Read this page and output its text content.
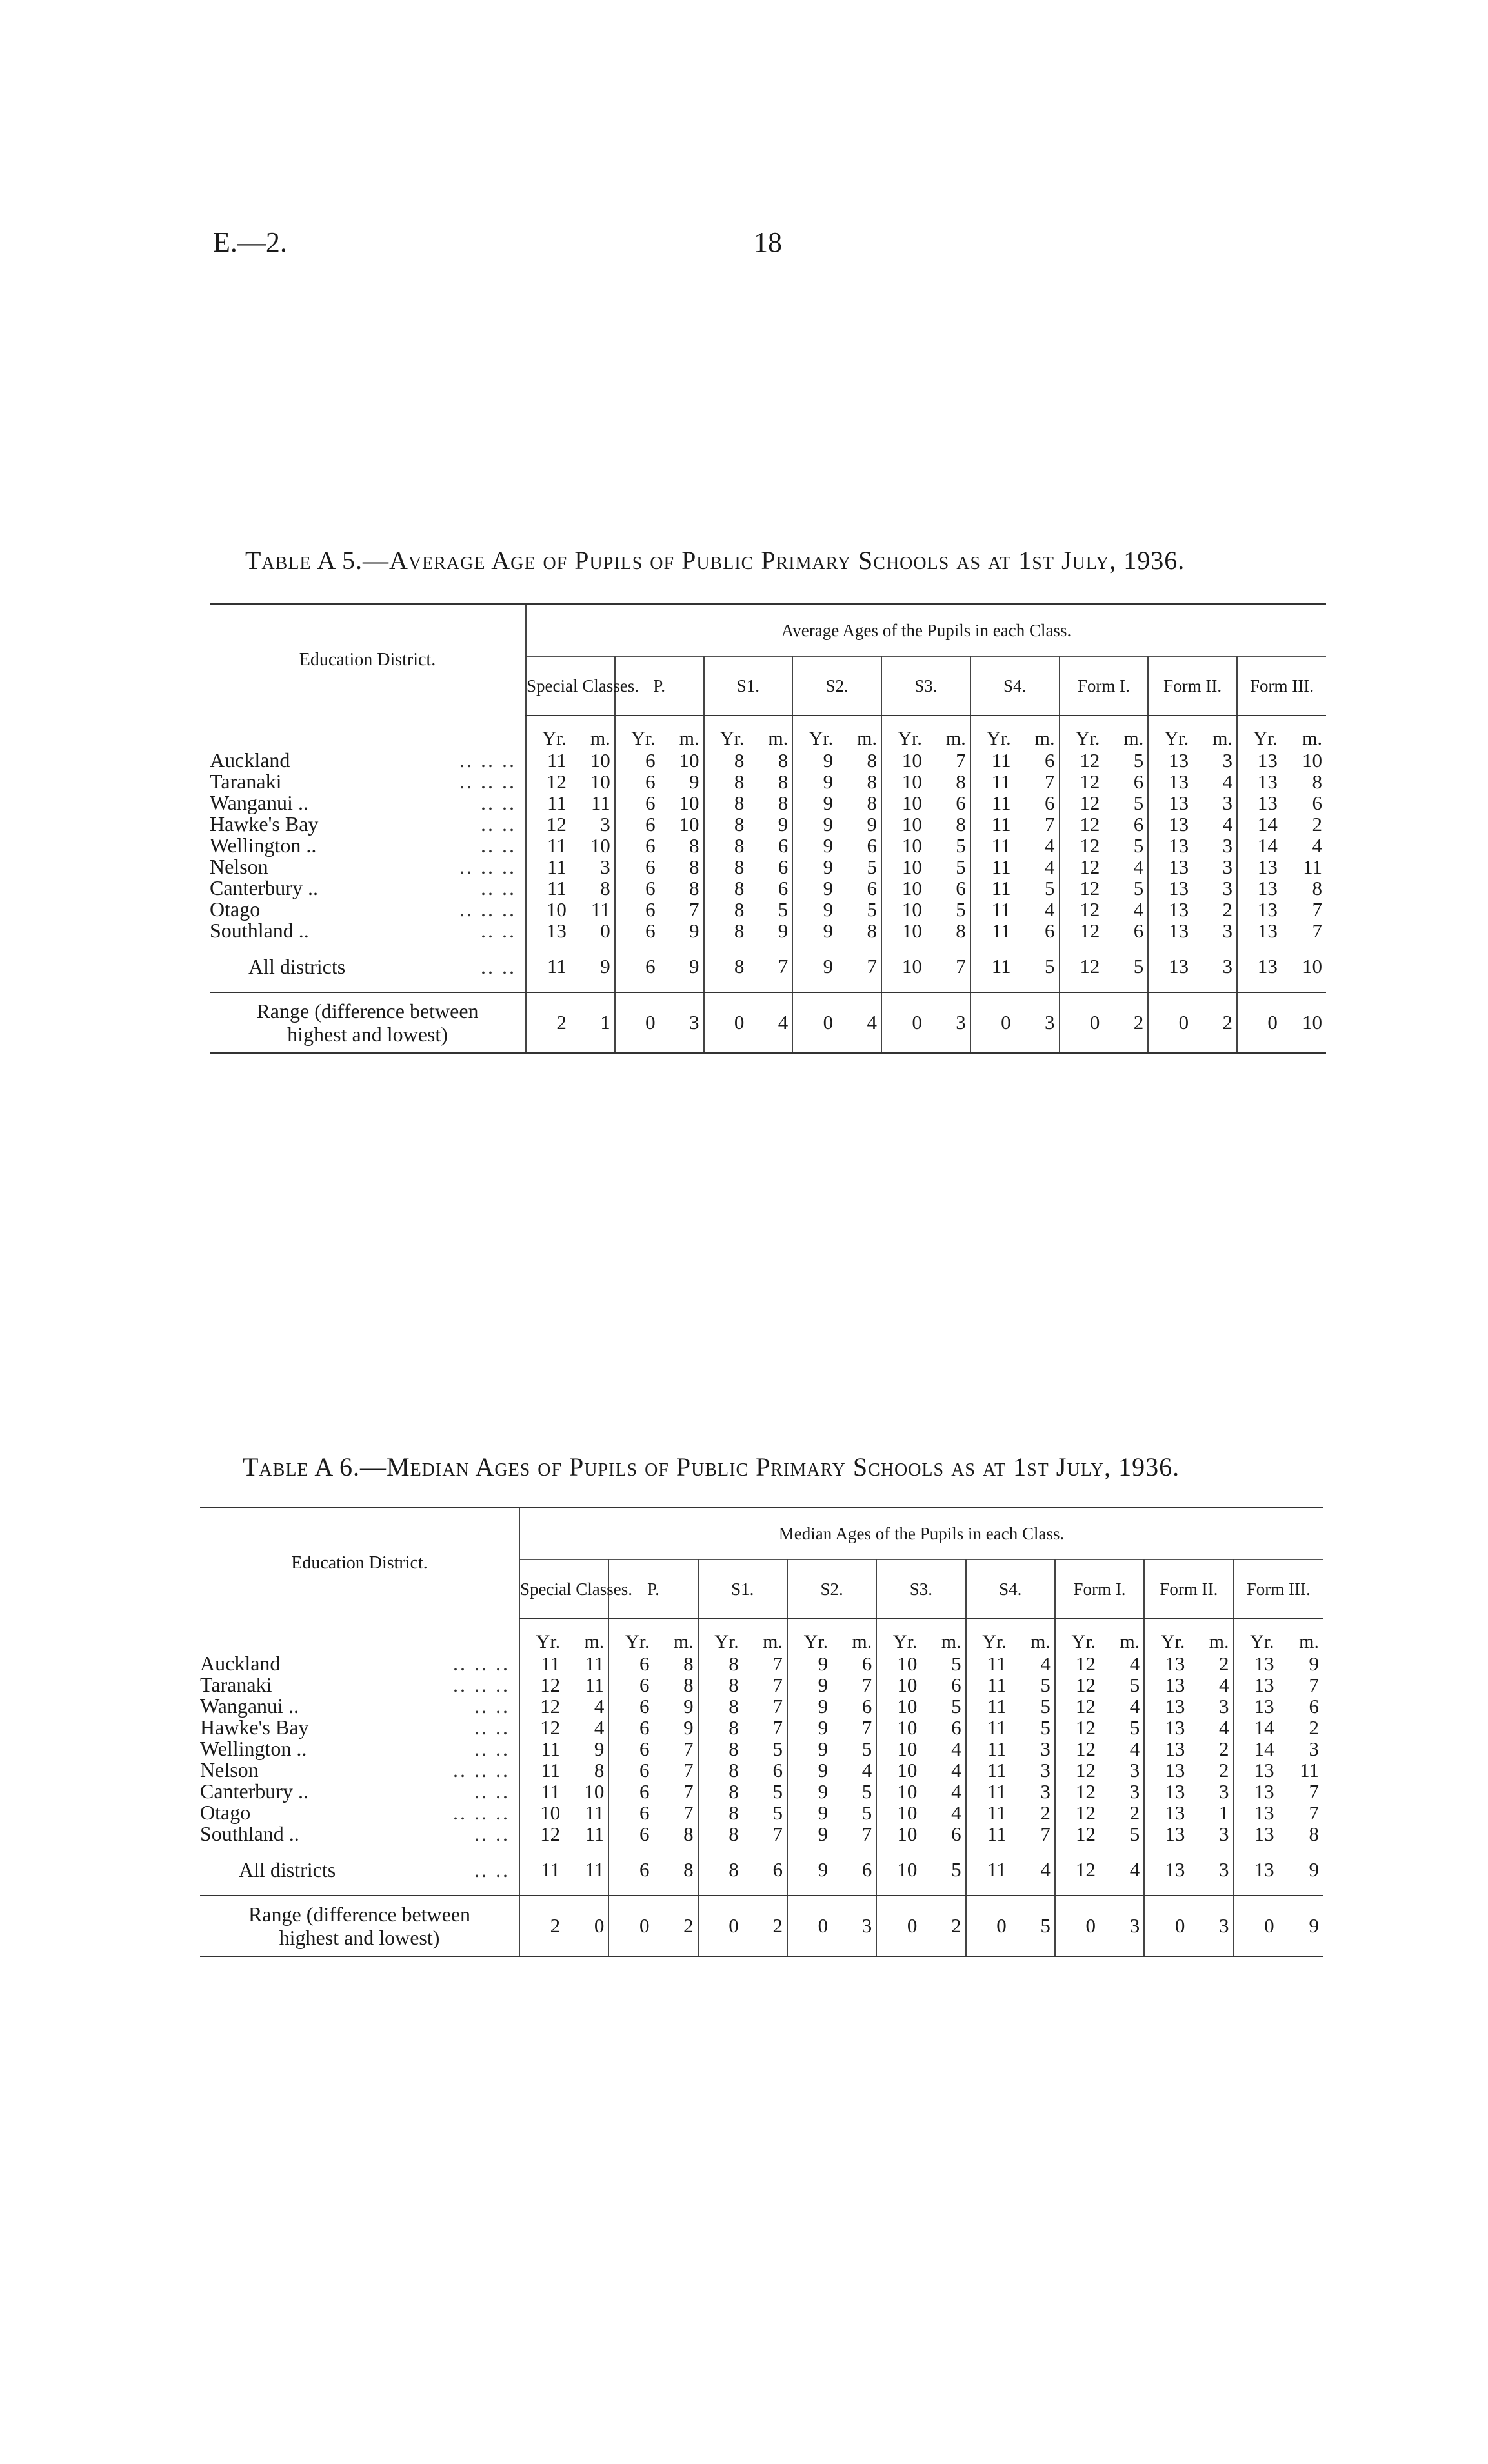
E.—2.	18
Table A 5.—Average Age of Pupils of Public Primary Schools as at 1st July, 1936.
Education District.	Average Ages of the Pupils in each Class.																	
	Special Classes.		P.		S1.		S2.		S3.		S4.		Form I.		Form II.		Form III.	
	Yr.	m.	Yr.	m.	Yr.	m.	Yr.	m.	Yr.	m.	Yr.	m.	Yr.	m.	Yr.	m.	Yr.	m.
Auckland .. .. ..	11	10	6	10	8	8	9	8	10	7	11	6	12	5	13	3	13	10
Taranaki .. .. ..	12	10	6	9	8	8	9	8	10	8	11	7	12	6	13	4	13	8
Wanganui .. .. ..	11	11	6	10	8	8	9	8	10	6	11	6	12	5	13	3	13	6
Hawke's Bay .. ..	12	3	6	10	8	9	9	9	10	8	11	7	12	6	13	4	14	2
Wellington .. .. ..	11	10	6	8	8	6	9	6	10	5	11	4	12	5	13	3	14	4
Nelson .. .. ..	11	3	6	8	8	6	9	5	10	5	11	4	12	4	13	3	13	11
Canterbury .. .. ..	11	8	6	8	8	6	9	6	10	6	11	5	12	5	13	3	13	8
Otago .. .. ..	10	11	6	7	8	5	9	5	10	5	11	4	12	4	13	2	13	7
Southland .. .. ..	13	0	6	9	8	9	9	8	10	8	11	6	12	6	13	3	13	7
All districts .. ..	11	9	6	9	8	7	9	7	10	7	11	5	12	5	13	3	13	10

Range (difference between
highest and lowest)	2	1	0	3	0	4	0	4	0	3	0	3	0	2	0	2	0	10
Table A 6.—Median Ages of Pupils of Public Primary Schools as at 1st July, 1936.
Education District.	Median Ages of the Pupils in each Class.																	
	Special Classes.		P.		S1.		S2.		S3.		S4.		Form I.		Form II.		Form III.	
	Yr.	m.	Yr.	m.	Yr.	m.	Yr.	m.	Yr.	m.	Yr.	m.	Yr.	m.	Yr.	m.	Yr.	m.
Auckland .. .. ..	11	11	6	8	8	7	9	6	10	5	11	4	12	4	13	2	13	9
Taranaki .. .. ..	12	11	6	8	8	7	9	7	10	6	11	5	12	5	13	4	13	7
Wanganui .. .. ..	12	4	6	9	8	7	9	6	10	5	11	5	12	4	13	3	13	6
Hawke's Bay .. ..	12	4	6	9	8	7	9	7	10	6	11	5	12	5	13	4	14	2
Wellington .. .. ..	11	9	6	7	8	5	9	5	10	4	11	3	12	4	13	2	14	3
Nelson .. .. ..	11	8	6	7	8	6	9	4	10	4	11	3	12	3	13	2	13	11
Canterbury .. .. ..	11	10	6	7	8	5	9	5	10	4	11	3	12	3	13	3	13	7
Otago .. .. ..	10	11	6	7	8	5	9	5	10	4	11	2	12	2	13	1	13	7
Southland .. .. ..	12	11	6	8	8	7	9	7	10	6	11	7	12	5	13	3	13	8
All districts .. ..	11	11	6	8	8	6	9	6	10	5	11	4	12	4	13	3	13	9

Range (difference between
highest and lowest)	2	0	0	2	0	2	0	3	0	2	0	5	0	3	0	3	0	9
